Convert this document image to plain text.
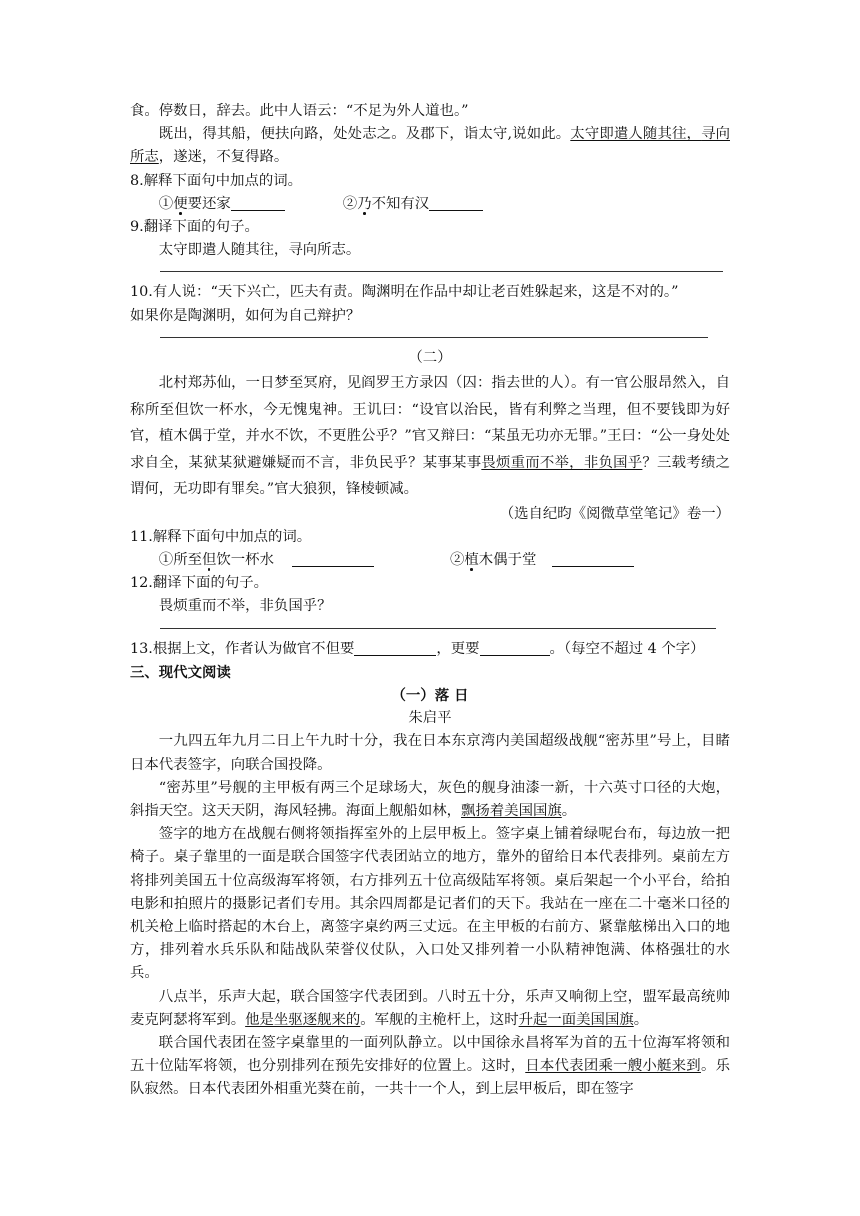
食。停数日，辞去。此中人语云：“不足为外人道也。”

既出，得其船，便扶向路，处处志之。及郡下，诣太守,说如此。太守即遣人随其往，寻向所志，遂迷，不复得路。

8.解释下面句中加点的词。

①便要还家	②乃不知有汉

9.翻译下面的句子。

太守即遣人随其往，寻向所志。

10.有人说：“天下兴亡，匹夫有责。陶渊明在作品中却让老百姓躲起来，这是不对的。”

如果你是陶渊明，如何为自己辩护？

（二）

北村郑苏仙，一日梦至冥府，见阎罗王方录囚（囚：指去世的人）。有一官公服昂然入，自称所至但饮一杯水，今无愧鬼神。王讥曰：“设官以治民，皆有利弊之当理，但不要钱即为好官，植木偶于堂，并水不饮，不更胜公乎？”官又辩曰：“某虽无功亦无罪。”王曰：“公一身处处求自全，某狱某狱避嫌疑而不言，非负民乎？某事某事畏烦重而不举，非负国乎？三载考绩之谓何，无功即有罪矣。”官大狼狈，锋棱顿减。

（选自纪昀《阅微草堂笔记》卷一）

11.解释下面句中加点的词。

①所至但饮一杯水	②植木偶于堂

12.翻译下面的句子。

畏烦重而不举，非负国乎？

13.根据上文，作者认为做官不但要	，更要	。（每空不超过 4 个字）

三、现代文阅读

（一）落 日

朱启平

一九四五年九月二日上午九时十分，我在日本东京湾内美国超级战舰“密苏里”号上，目睹日本代表签字，向联合国投降。

“密苏里”号舰的主甲板有两三个足球场大，灰色的舰身油漆一新，十六英寸口径的大炮，斜指天空。这天天阴，海风轻拂。海面上舰船如林，飘扬着美国国旗。

签字的地方在战舰右侧将领指挥室外的上层甲板上。签字桌上铺着绿呢台布，每边放一把椅子。桌子靠里的一面是联合国签字代表团站立的地方，靠外的留给日本代表排列。桌前左方将排列美国五十位高级海军将领，右方排列五十位高级陆军将领。桌后架起一个小平台，给拍电影和拍照片的摄影记者们专用。其余四周都是记者们的天下。我站在一座在二十毫米口径的机关枪上临时搭起的木台上，离签字桌约两三丈远。在主甲板的右前方、紧靠舷梯出入口的地方，排列着水兵乐队和陆战队荣誉仪仗队，入口处又排列着一小队精神饱满、体格强壮的水兵。

八点半，乐声大起，联合国签字代表团到。八时五十分，乐声又响彻上空，盟军最高统帅麦克阿瑟将军到。他是坐驱逐舰来的。军舰的主桅杆上，这时升起一面美国国旗。

联合国代表团在签字桌靠里的一面列队静立。以中国徐永昌将军为首的五十位海军将领和五十位陆军将领，也分别排列在预先安排好的位置上。这时，日本代表团乘一艘小艇来到。乐队寂然。日本代表团外相重光葵在前，一共十一个人，到上层甲板后，即在签字
